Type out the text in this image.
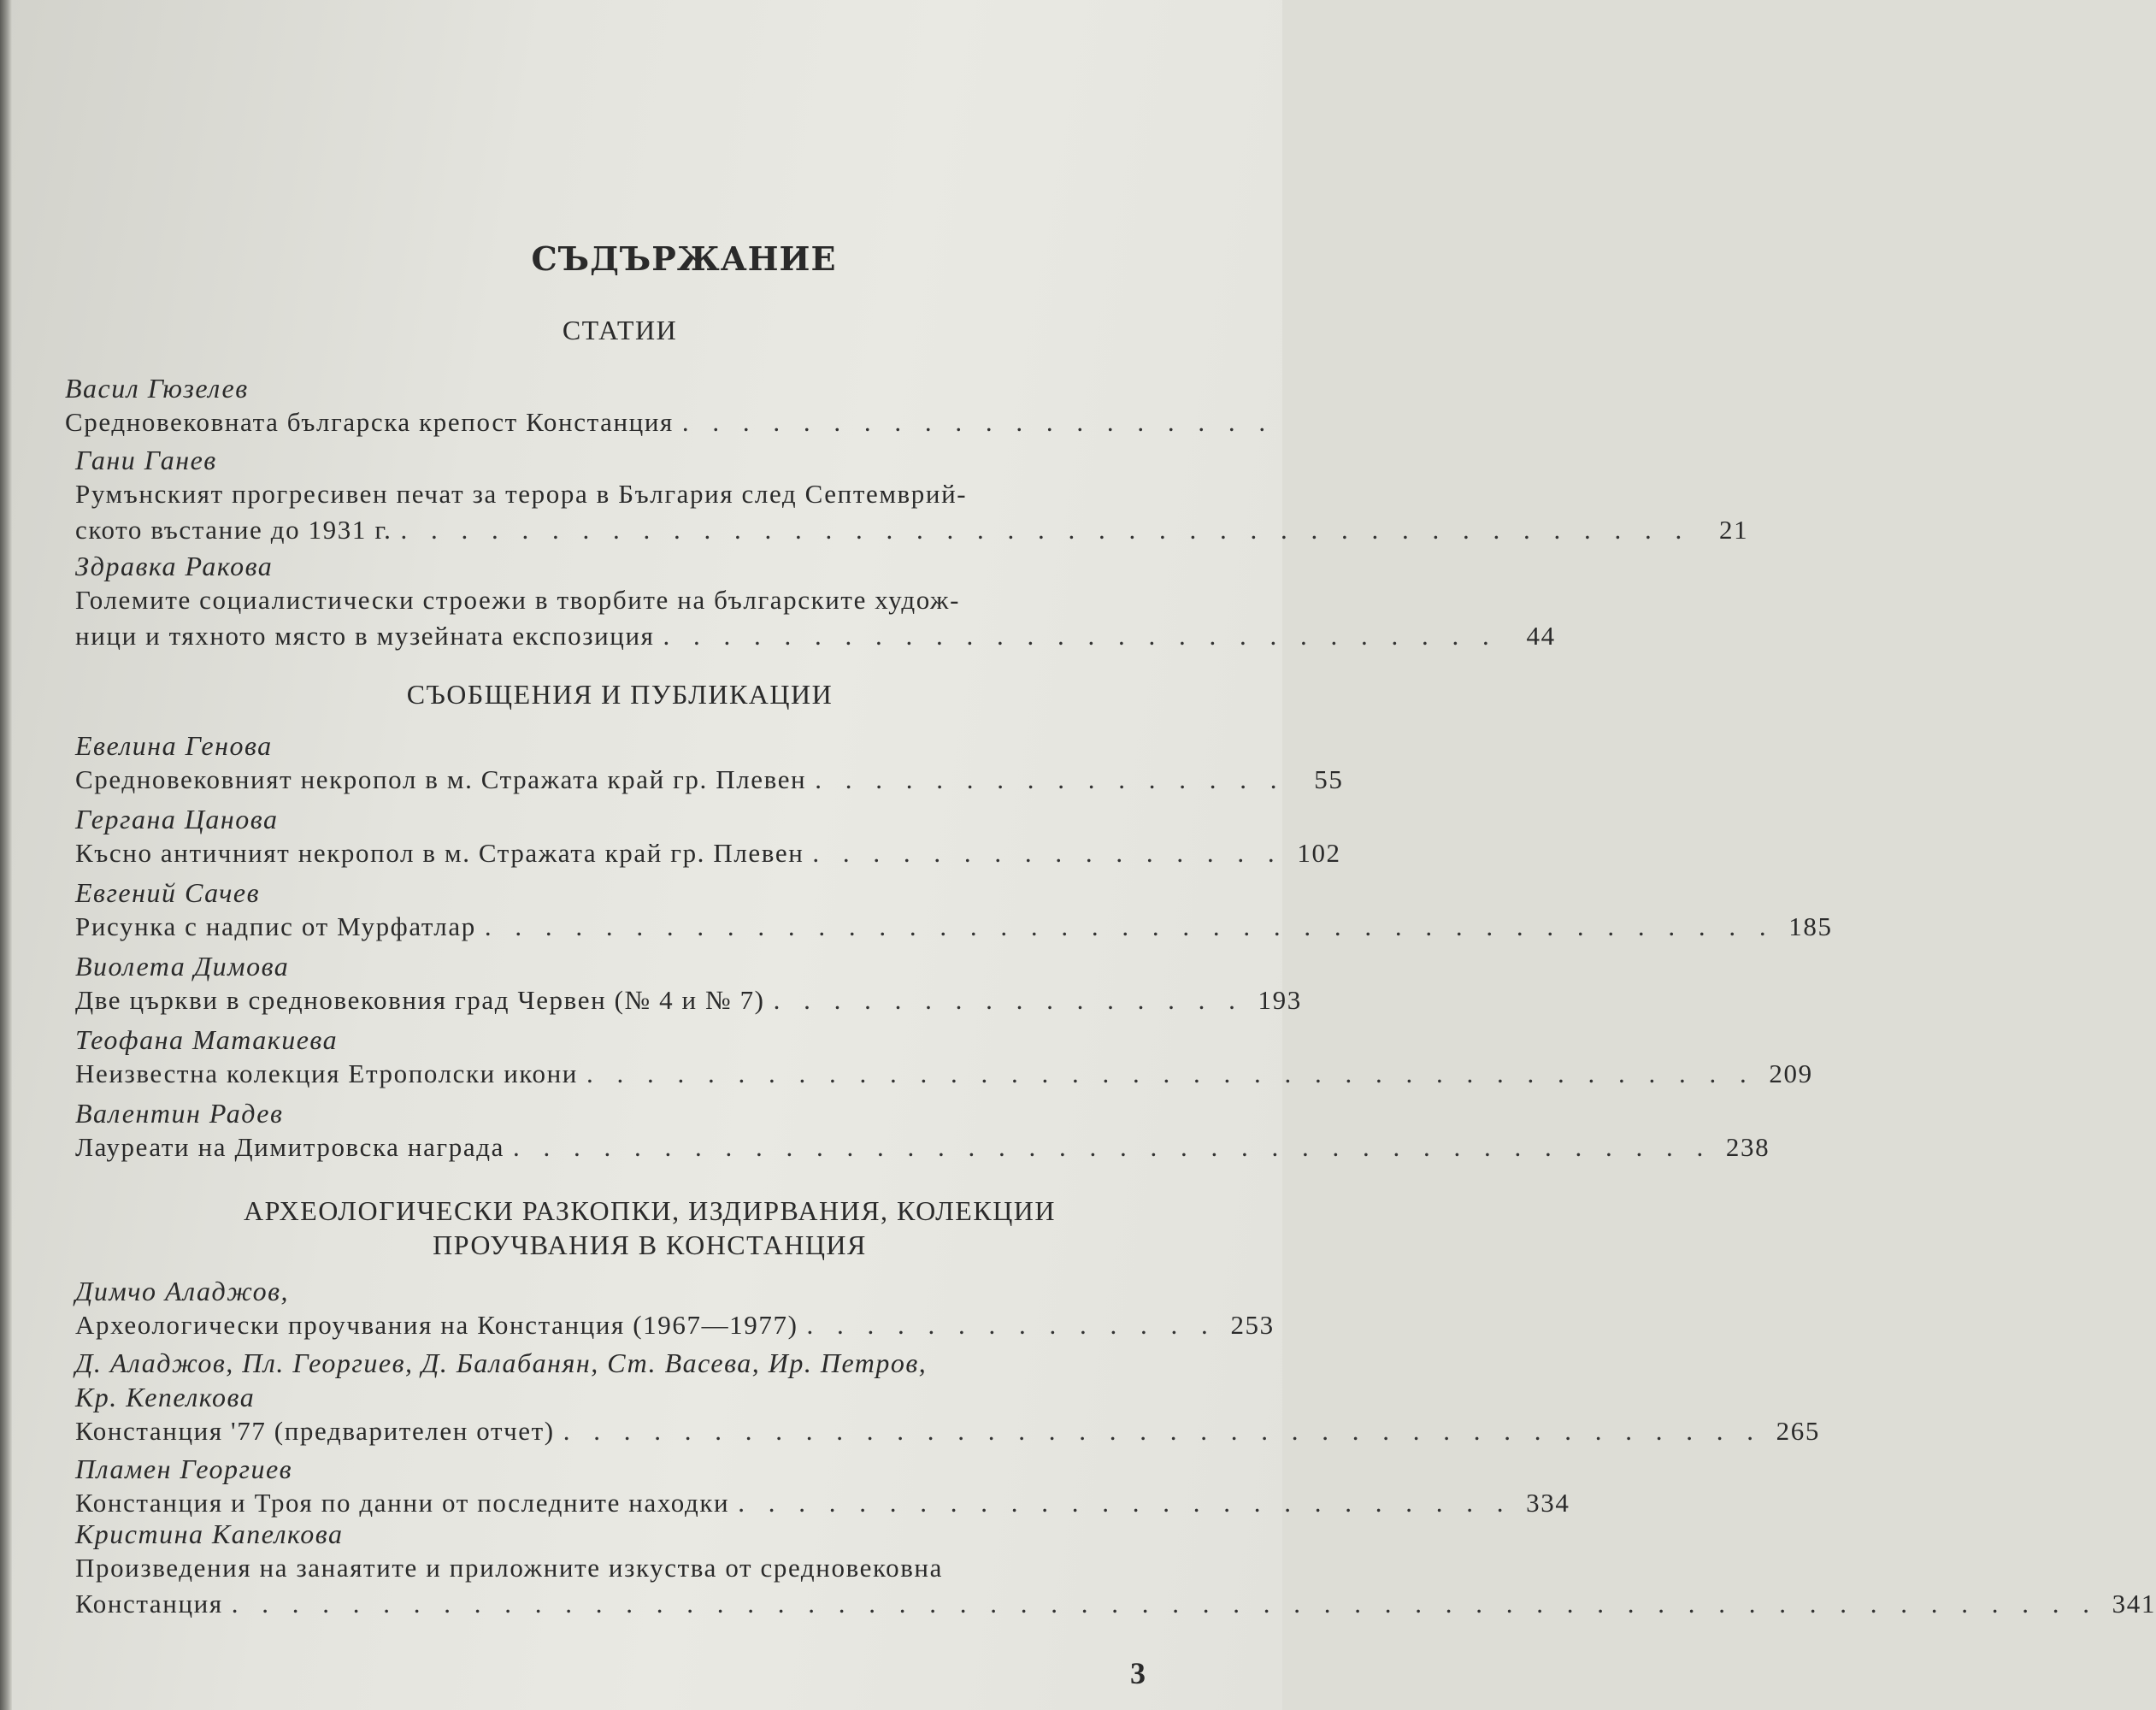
СЪДЪРЖАНИЕ
СТАТИИ
Васил Гюзелев
Средновековната българска крепост Констанция . . . . . . . . . . . . . . . . . . . .
Гани Ганев
Румънският прогресивен печат за терора в България след Септемврий-
ското въстание до 1931 г. . . . . . . . . . . . . . . . . . . . . . . . . . . . . . . . . . . . . . . . . . . .	21
Здравка Ракова
Големите социалистически строежи в творбите на българските худож-
ници и тяхното място в музейната експозиция . . . . . . . . . . . . . . . . . . . . . . . . . . . .	44
СЪОБЩЕНИЯ И ПУБЛИКАЦИИ
Евелина Генова
Средновековният некропол в м. Стражата край гр. Плевен . . . . . . . . . . . . . . . .	55
Гергана Цанова
Късно античният некропол в м. Стражата край гр. Плевен . . . . . . . . . . . . . . . . 102
Евгений Сачев
Рисунка с надпис от Мурфатлар . . . . . . . . . . . . . . . . . . . . . . . . . . . . . . . . . . . . . . . . . . . 185
Виолета Димова
Две църкви в средновековния град Червен (№ 4 и № 7) . . . . . . . . . . . . . . . . 193
Теофана Матакиева
Неизвестна колекция Етрополски икони . . . . . . . . . . . . . . . . . . . . . . . . . . . . . . . . . . . . . . . 209
Валентин Радев
Лауреати на Димитровска награда . . . . . . . . . . . . . . . . . . . . . . . . . . . . . . . . . . . . . . . . 238
АРХЕОЛОГИЧЕСКИ РАЗКОПКИ, ИЗДИРВАНИЯ, КОЛЕКЦИИ
ПРОУЧВАНИЯ В КОНСТАНЦИЯ
Димчо Аладжов,
Археологически проучвания на Констанция (1967—1977) . . . . . . . . . . . . . . 253
Д. Аладжов, Пл. Георгиев, Д. Балабанян, Ст. Васева, Ир. Петров,
Кр. Кепелкова
Констанция '77 (предварителен отчет) . . . . . . . . . . . . . . . . . . . . . . . . . . . . . . . . . . . . . . . . 265
Пламен Георгиев
Констанция и Троя по данни от последните находки . . . . . . . . . . . . . . . . . . . . . . . . . . 334
Кристина Капелкова
Произведения на занаятите и приложните изкуства от средновековна
Констанция . . . . . . . . . . . . . . . . . . . . . . . . . . . . . . . . . . . . . . . . . . . . . . . . . . . . . . . . . . . . . . 341
3
